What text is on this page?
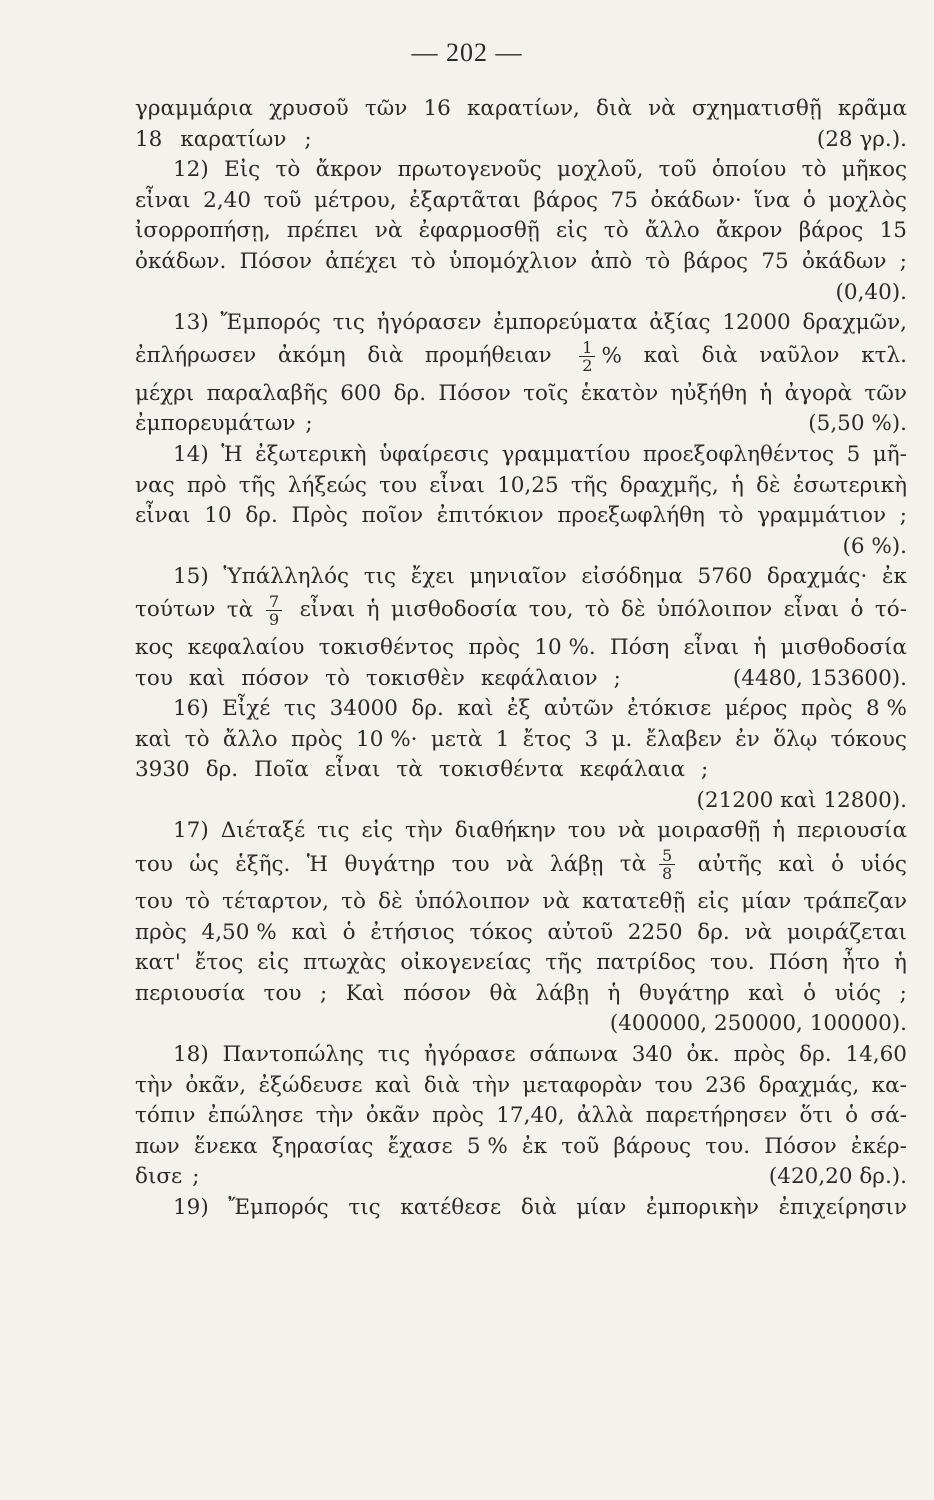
— 202 —
γραμμάρια χρυσοῦ τῶν 16 καρατίων, διὰ νὰ σχηματισθῇ κρᾶμα
18 καρατίων ;	(28 γρ.).
12) Εἰς τὸ ἄκρον πρωτογενοῦς μοχλοῦ, τοῦ ὁποίου τὸ μῆκος
εἶναι 2,40 τοῦ μέτρου, ἐξαρτᾶται βάρος 75 ὀκάδων· ἵνα ὁ μοχλὸς
ἰσορροπήσῃ, πρέπει νὰ ἐφαρμοσθῇ εἰς τὸ ἄλλο ἄκρον βάρος 15
ὀκάδων. Πόσον ἀπέχει τὸ ὑπομόχλιον ἀπὸ τὸ βάρος 75 ὀκάδων ;
(0,40).
13) Ἔμπορός τις ἠγόρασεν ἐμπορεύματα ἀξίας 12000 δραχμῶν,
ἐπλήρωσεν ἀκόμη διὰ προμήθειαν $\frac{1}{2}$ % καὶ διὰ ναῦλον κτλ.
μέχρι παραλαβῆς 600 δρ. Πόσον τοῖς ἑκατὸν ηὐξήθη ἡ ἀγορὰ τῶν
ἐμπορευμάτων ;	(5,50 %).
14) Ἡ ἐξωτερικὴ ὑφαίρεσις γραμματίου προεξοφληθέντος 5 μῆ-
νας πρὸ τῆς λήξεώς του εἶναι 10,25 τῆς δραχμῆς, ἡ δὲ ἐσωτερικὴ
εἶναι 10 δρ. Πρὸς ποῖον ἐπιτόκιον προεξωφλήθη τὸ γραμμάτιον ;
(6 %).
15) Ὑπάλληλός τις ἔχει μηνιαῖον εἰσόδημα 5760 δραχμάς· ἐκ
τούτων τὰ $\frac{7}{9}$ εἶναι ἡ μισθοδοσία του, τὸ δὲ ὑπόλοιπον εἶναι ὁ τό-
κος κεφαλαίου τοκισθέντος πρὸς 10 %. Πόση εἶναι ἡ μισθοδοσία
του καὶ πόσον τὸ τοκισθὲν κεφάλαιον ;	(4480, 153600).
16) Εἶχέ τις 34000 δρ. καὶ ἐξ αὐτῶν ἐτόκισε μέρος πρὸς 8 %
καὶ τὸ ἄλλο πρὸς 10 %· μετὰ 1 ἔτος 3 μ. ἔλαβεν ἐν ὅλῳ τόκους
3930 δρ. Ποῖα εἶναι τὰ τοκισθέντα κεφάλαια ;
(21200 καὶ 12800).
17) Διέταξέ τις εἰς τὴν διαθήκην του νὰ μοιρασθῇ ἡ περιουσία
του ὡς ἑξῆς. Ἡ θυγάτηρ του νὰ λάβῃ τὰ $\frac{5}{8}$ αὐτῆς καὶ ὁ υἱός
του τὸ τέταρτον, τὸ δὲ ὑπόλοιπον νὰ κατατεθῇ εἰς μίαν τράπεζαν
πρὸς 4,50 % καὶ ὁ ἐτήσιος τόκος αὐτοῦ 2250 δρ. νὰ μοιράζεται
κατ' ἔτος εἰς πτωχὰς οἰκογενείας τῆς πατρίδος του. Πόση ἦτο ἡ
περιουσία του ; Καὶ πόσον θὰ λάβῃ ἡ θυγάτηρ καὶ ὁ υἱός ;
(400000, 250000, 100000).
18) Παντοπώλης τις ἠγόρασε σάπωνα 340 ὀκ. πρὸς δρ. 14,60
τὴν ὀκᾶν, ἐξώδευσε καὶ διὰ τὴν μεταφορὰν του 236 δραχμάς, κα-
τόπιν ἐπώλησε τὴν ὀκᾶν πρὸς 17,40, ἀλλὰ παρετήρησεν ὅτι ὁ σά-
πων ἕνεκα ξηρασίας ἔχασε 5 % ἐκ τοῦ βάρους του. Πόσον ἐκέρ-
δισε ;	(420,20 δρ.).
19) Ἔμπορός τις κατέθεσε διὰ μίαν ἐμπορικὴν ἐπιχείρησιν
